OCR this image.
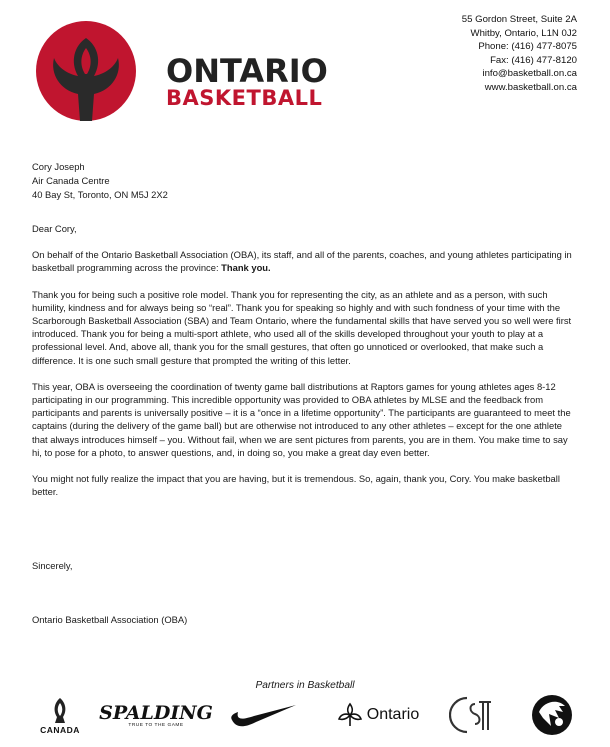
ONTARIO
BASKETBALL
55 Gordon Street, Suite 2A
Whitby, Ontario, L1N 0J2
Phone: (416) 477-8075
Fax: (416) 477-8120
info@basketball.on.ca
www.basketball.on.ca
Cory Joseph
Air Canada Centre
40 Bay St, Toronto, ON M5J 2X2

Dear Cory,

On behalf of the Ontario Basketball Association (OBA), its staff, and all of the parents, coaches, and young athletes participating in basketball programming across the province: Thank you.

Thank you for being such a positive role model. Thank you for representing the city, as an athlete and as a person, with such humility, kindness and for always being so “real”. Thank you for speaking so highly and with such fondness of your time with the Scarborough Basketball Association (SBA) and Team Ontario, where the fundamental skills that have served you so well were first introduced. Thank you for being a multi-sport athlete, who used all of the skills developed throughout your youth to play at a professional level. And, above all, thank you for the small gestures, that often go unnoticed or overlooked, that make such a difference. It is one such small gesture that prompted the writing of this letter.

This year, OBA is overseeing the coordination of twenty game ball distributions at Raptors games for young athletes ages 8-12 participating in our programming. This incredible opportunity was provided to OBA athletes by MLSE and the feedback from participants and parents is universally positive – it is a “once in a lifetime opportunity”. The participants are guaranteed to meet the captains (during the delivery of the game ball) but are otherwise not introduced to any other athletes – except for the one athlete that always introduces himself – you. Without fail, when we are sent pictures from parents, you are in them. You make time to say hi, to pose for a photo, to answer questions, and, in doing so, you make a great day even better.

You might not fully realize the impact that you are having, but it is tremendous. So, again, thank you, Cory. You make basketball better.

Sincerely,
Ontario Basketball Association (OBA)
Partners in Basketball
CANADA
SPALDING
TRUE TO THE GAME
Ontario
